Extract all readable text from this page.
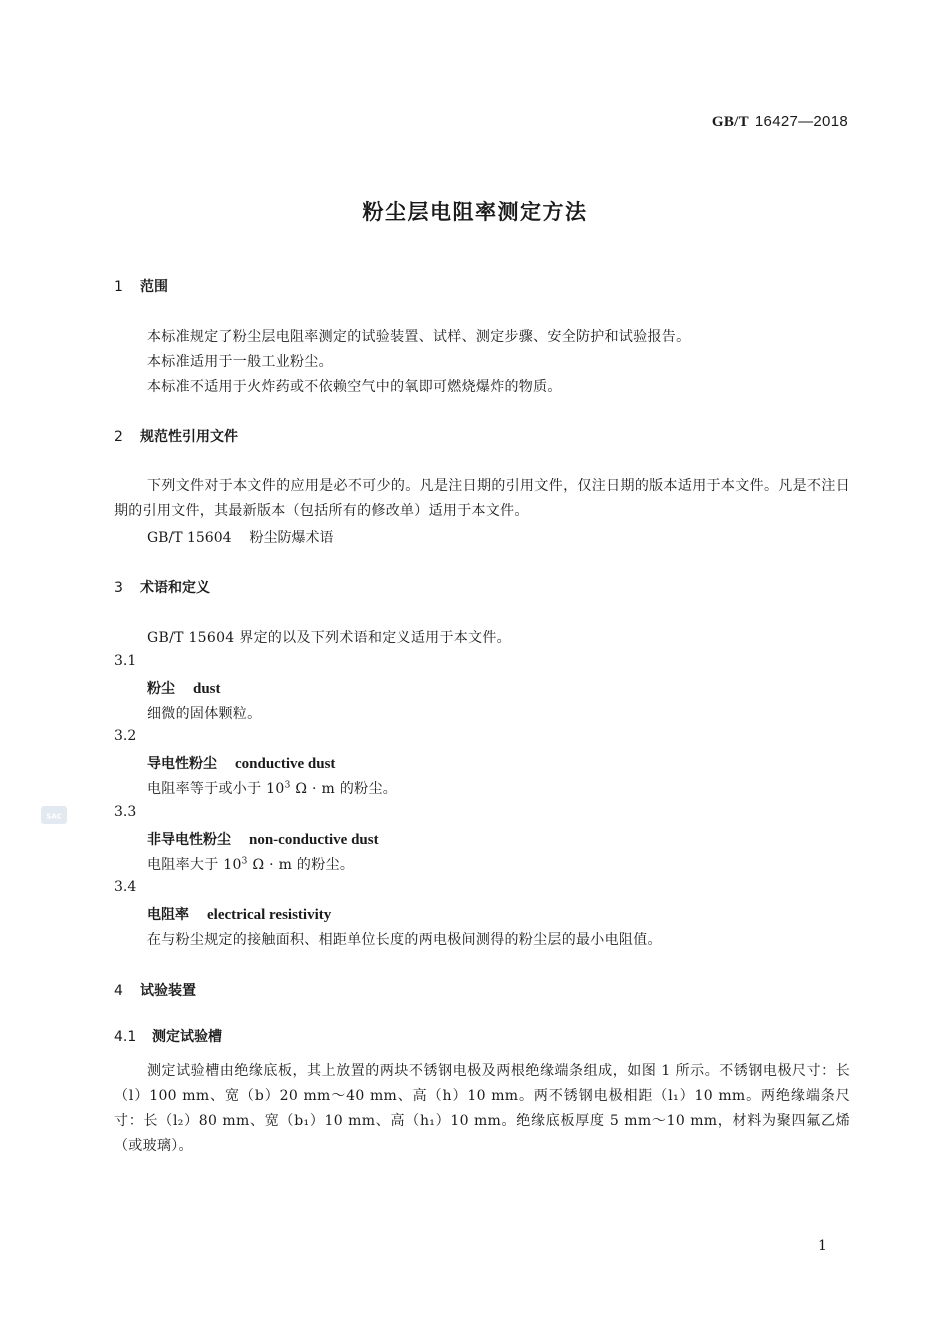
GB/T 16427—2018
粉尘层电阻率测定方法
1 范围
本标准规定了粉尘层电阻率测定的试验装置、试样、测定步骤、安全防护和试验报告。
本标准适用于一般工业粉尘。
本标准不适用于火炸药或不依赖空气中的氧即可燃烧爆炸的物质。
2 规范性引用文件
下列文件对于本文件的应用是必不可少的。凡是注日期的引用文件，仅注日期的版本适用于本文件。凡是不注日期的引用文件，其最新版本（包括所有的修改单）适用于本文件。
GB/T 15604 粉尘防爆术语
3 术语和定义
GB/T 15604 界定的以及下列术语和定义适用于本文件。
3.1
粉尘 dust
细微的固体颗粒。
3.2
导电性粉尘 conductive dust
电阻率等于或小于 $10^3$ Ω · m 的粉尘。
3.3
非导电性粉尘 non-conductive dust
电阻率大于 $10^3$ Ω · m 的粉尘。
3.4
电阻率 electrical resistivity
在与粉尘规定的接触面积、相距单位长度的两电极间测得的粉尘层的最小电阻值。
4 试验装置
4.1 测定试验槽
测定试验槽由绝缘底板，其上放置的两块不锈钢电极及两根绝缘端条组成，如图 1 所示。不锈钢电极尺寸：长（l）100 mm、宽（b）20 mm～40 mm、高（h）10 mm。两不锈钢电极相距（l₁）10 mm。两绝缘端条尺寸：长（l₂）80 mm、宽（b₁）10 mm、高（h₁）10 mm。绝缘底板厚度 5 mm～10 mm，材料为聚四氟乙烯（或玻璃）。
SAC
1
